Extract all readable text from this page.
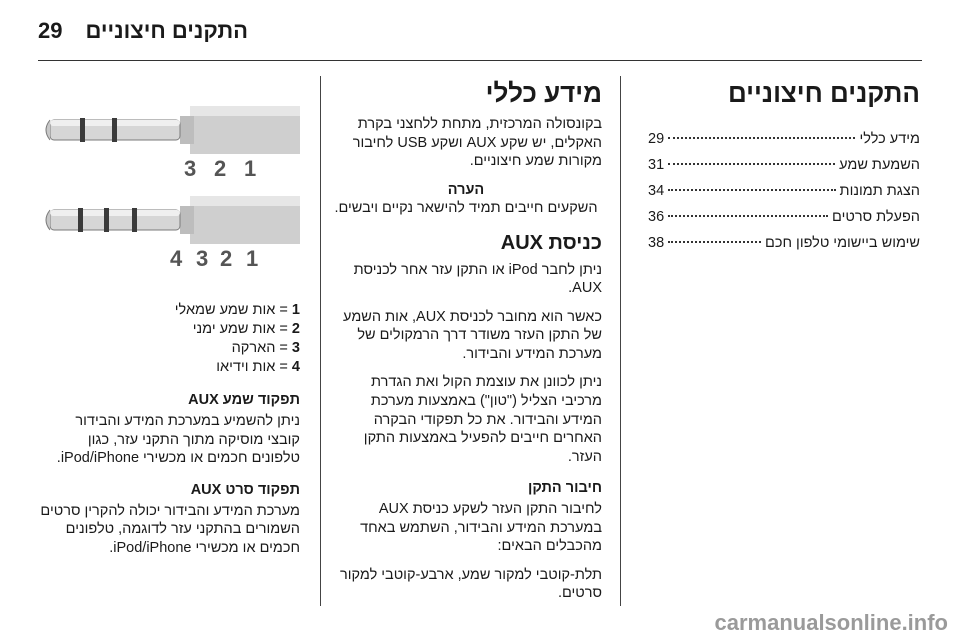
התקנים חיצוניים
29
התקנים חיצוניים
מידע כללי
29
השמעת שמע
31
הצגת תמונות
34
הפעלת סרטים
36
שימוש ביישומי טלפון חכם
38
מידע כללי

בקונסולה המרכזית, מתחת ללחצני בקרת האקלים, יש שקע AUX ושקע USB לחיבור מקורות שמע חיצוניים.

הערה
השקעים חייבים תמיד להישאר נקיים ויבשים.
כניסת AUX

ניתן לחבר iPod או התקן עזר אחר לכניסת AUX.

כאשר הוא מחובר לכניסת AUX, אות השמע של התקן העזר משודר דרך הרמקולים של מערכת המידע והבידור.

ניתן לכוונן את עוצמת הקול ואת הגדרת מרכיבי הצליל ("טון") באמצעות מערכת המידע והבידור. את כל תפקודי הבקרה האחרים חייבים להפעיל באמצעות התקן העזר.

חיבור התקן

לחיבור התקן העזר לשקע כניסת AUX במערכת המידע והבידור, השתמש באחד מהכבלים הבאים:

תלת-קוטבי למקור שמע, ארבע-קוטבי למקור סרטים.

3 2 1
4 3 2 1
1 = אות שמע שמאלי
2 = אות שמע ימני
3 = הארקה
4 = אות וידיאו
תפקוד שמע AUX

ניתן להשמיע במערכת המידע והבידור קובצי מוסיקה מתוך התקני עזר, כגון טלפונים חכמים או מכשירי iPod/iPhone.

תפקוד סרט AUX

מערכת המידע והבידור יכולה להקרין סרטים השמורים בהתקני עזר לדוגמה, טלפונים חכמים או מכשירי iPod/iPhone.

carmanualsonline.info
